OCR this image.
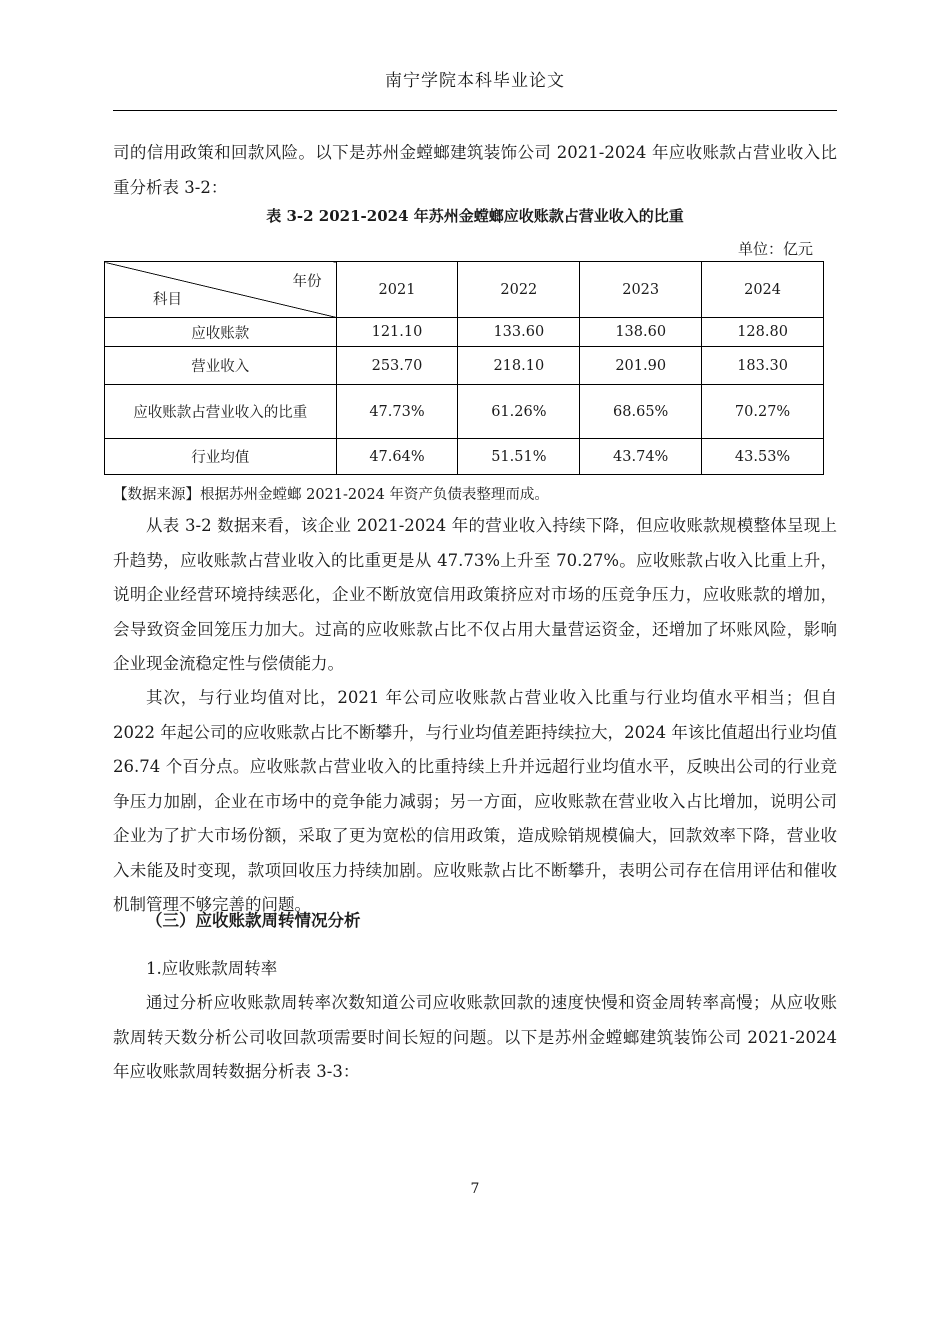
南宁学院本科毕业论文

司的信用政策和回款风险。以下是苏州金螳螂建筑装饰公司 2021-2024 年应收账款占营业收入比重分析表 3-2：

表 3-2 2021-2024 年苏州金螳螂应收账款占营业收入的比重
单位：亿元
年份
科目	2021	2022	2023	2024
应收账款	121.10	133.60	138.60	128.80
营业收入	253.70	218.10	201.90	183.30
应收账款占营业收入的比重	47.73%	61.26%	68.65%	70.27%
行业均值	47.64%	51.51%	43.74%	43.53%
【数据来源】根据苏州金螳螂 2021-2024 年资产负债表整理而成。

从表 3-2 数据来看，该企业 2021-2024 年的营业收入持续下降，但应收账款规模整体呈现上升趋势，应收账款占营业收入的比重更是从 47.73%上升至 70.27%。应收账款占收入比重上升，说明企业经营环境持续恶化，企业不断放宽信用政策挤应对市场的压竞争压力，应收账款的增加，会导致资金回笼压力加大。过高的应收账款占比不仅占用大量营运资金，还增加了坏账风险，影响企业现金流稳定性与偿债能力。

其次，与行业均值对比，2021 年公司应收账款占营业收入比重与行业均值水平相当；但自 2022 年起公司的应收账款占比不断攀升，与行业均值差距持续拉大，2024 年该比值超出行业均值 26.74 个百分点。应收账款占营业收入的比重持续上升并远超行业均值水平，反映出公司的行业竞争压力加剧，企业在市场中的竞争能力减弱；另一方面，应收账款在营业收入占比增加，说明公司企业为了扩大市场份额，采取了更为宽松的信用政策，造成赊销规模偏大，回款效率下降，营业收入未能及时变现，款项回收压力持续加剧。应收账款占比不断攀升，表明公司存在信用评估和催收机制管理不够完善的问题。

（三）应收账款周转情况分析

1.应收账款周转率

通过分析应收账款周转率次数知道公司应收账款回款的速度快慢和资金周转率高慢；从应收账款周转天数分析公司收回款项需要时间长短的问题。以下是苏州金螳螂建筑装饰公司 2021-2024 年应收账款周转数据分析表 3-3：

7
